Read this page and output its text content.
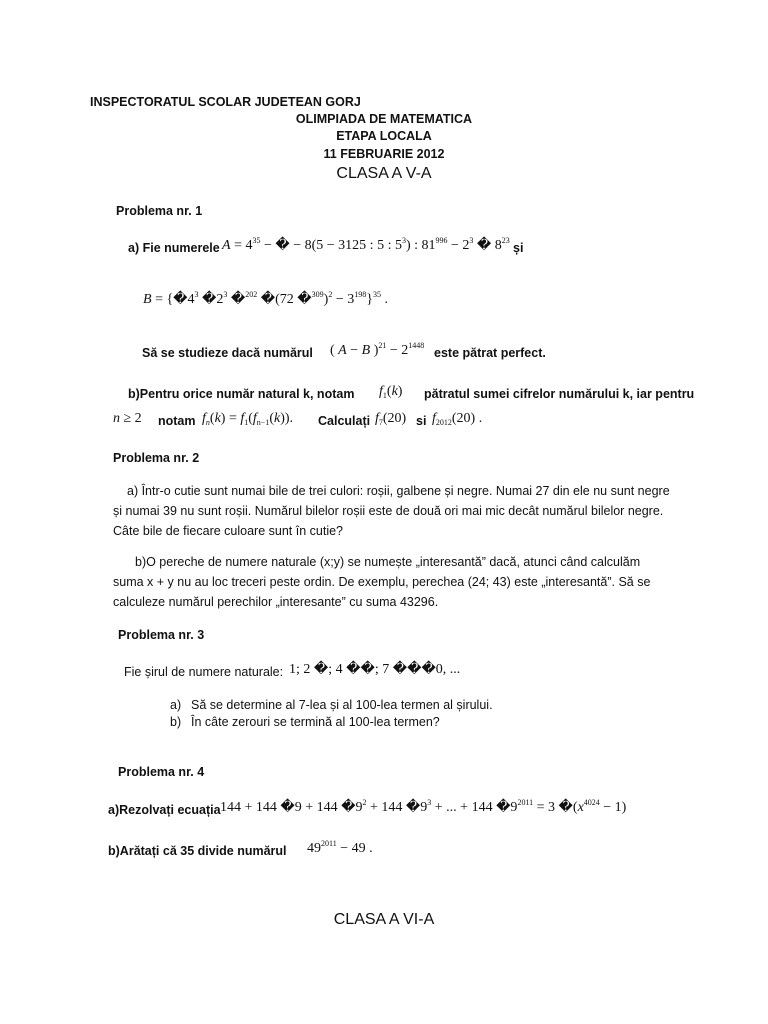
INSPECTORATUL SCOLAR JUDETEAN GORJ
OLIMPIADA DE MATEMATICA
ETAPA LOCALA
11 FEBRUARIE 2012
CLASA A V-A
Problema nr. 1
a) Fie numerele $A = 4^{35}$ − � − 8(5 − 3125 : 5 : $5^3$) : $81^{996} - 2^3$ � $8^{23}$
și
$B = \{�4^3$ $�2^3$ �$^{202}$ �(72 �$^{309}$)$^2$ − $3^{198}\}^{35}$ .
Să se studieze dacă numărul ( A − B )$^{21} - 2^{1448}$
este pătrat perfect.
b)Pentru orice număr natural k, notam $f_1(k)$ pătratul sumei cifrelor numărului k, iar pentru
n ≥ 2 notam $f_n(k) = f_1(f_{n-1}(k))$. Calculați $f_7(20)$ si $f_{2012}(20)$ .
Problema nr. 2
a) Într-o cutie sunt numai bile de trei culori: roșii, galbene și negre. Numai 27 din ele nu sunt negre
și numai 39 nu sunt roșii. Numărul bilelor roșii este de două ori mai mic decât numărul bilelor negre.
Câte bile de fiecare culoare sunt în cutie?
b)O pereche de numere naturale (x;y) se numește „interesantă” dacă, atunci când calculăm
suma x + y nu au loc treceri peste ordin. De exemplu, perechea (24; 43) este „interesantă”. Să se
calculeze numărul perechilor „interesante” cu suma 43296.
Problema nr. 3
Fie șirul de numere naturale: 1; 2 �; 4 ��; 7 ���0, ...
a) Să se determine al 7-lea și al 100-lea termen al șirului.
b) În câte zerouri se termină al 100-lea termen?
Problema nr. 4
a)Rezolvați ecuația 144 + 144 �9 + 144 $�9^2 + 144$ $�9^3$ + ... + 144 $�9^{2011} = 3$ $�(x^{4024} - 1)$
b)Arătați că 35 divide numărul $49^{2011} - 49$ .
CLASA A VI-A
